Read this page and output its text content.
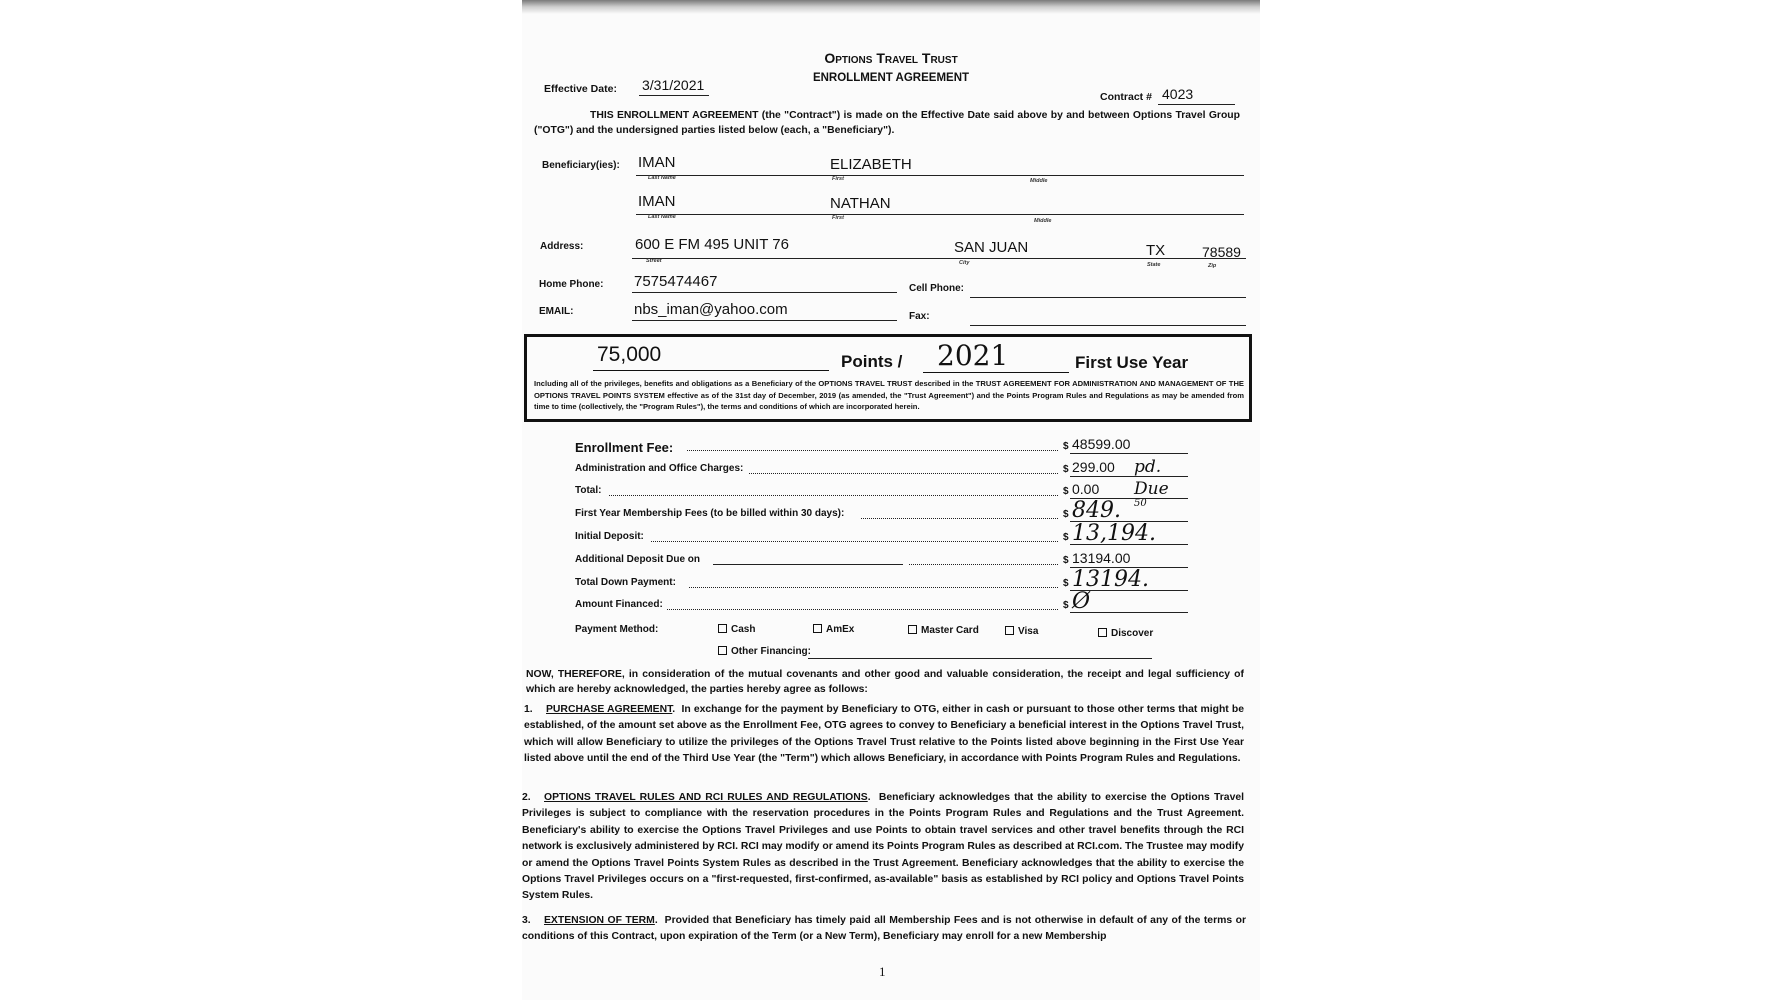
Options Travel Trust
ENROLLMENT AGREEMENT
Effective Date: 3/31/2021
Contract # 4023
THIS ENROLLMENT AGREEMENT (the "Contract") is made on the Effective Date said above by and between Options Travel Group ("OTG") and the undersigned parties listed below (each, a "Beneficiary").
Beneficiary(ies): IMAN	ELIZABETH
Last Name	First	Middle
IMAN	NATHAN
Last Name	First	Middle
Address:	600 E FM 495 UNIT 76	SAN JUAN	TX	78589
Street	City	State	Zip
Home Phone: 7575474467	Cell Phone:
EMAIL:	nbs_iman@yahoo.com	Fax:
75,000	Points / 2021	First Use Year
Including all of the privileges, benefits and obligations as a Beneficiary of the OPTIONS TRAVEL TRUST described in the TRUST AGREEMENT FOR ADMINISTRATION AND MANAGEMENT OF THE OPTIONS TRAVEL POINTS SYSTEM effective as of the 31st day of December, 2019 (as amended, the "Trust Agreement") and the Points Program Rules and Regulations as may be amended from time to time (collectively, the "Program Rules"), the terms and conditions of which are incorporated herein.
Enrollment Fee:	$ 48599.00
Administration and Office Charges:	$ 299.00 pd.
Total:	$ 0.00 Due
First Year Membership Fees (to be billed within 30 days):	$ 849. 50
Initial Deposit:	$ 13,194.
Additional Deposit Due on	$ 13194.00
Total Down Payment:	$ 13194.
Amount Financed:	$ Ø
Payment Method:	Cash	AmEx	Master Card	Visa	Discover
Other Financing:
NOW, THEREFORE, in consideration of the mutual covenants and other good and valuable consideration, the receipt and legal sufficiency of which are hereby acknowledged, the parties hereby agree as follows:
1. PURCHASE AGREEMENT.  In exchange for the payment by Beneficiary to OTG, either in cash or pursuant to those other terms that might be established, of the amount set above as the Enrollment Fee, OTG agrees to convey to Beneficiary a beneficial interest in the Options Travel Trust, which will allow Beneficiary to utilize the privileges of the Options Travel Trust relative to the Points listed above beginning in the First Use Year listed above until the end of the Third Use Year (the "Term") which allows Beneficiary, in accordance with Points Program Rules and Regulations.
2. OPTIONS TRAVEL RULES AND RCI RULES AND REGULATIONS.  Beneficiary acknowledges that the ability to exercise the Options Travel Privileges is subject to compliance with the reservation procedures in the Points Program Rules and Regulations and the Trust Agreement. Beneficiary's ability to exercise the Options Travel Privileges and use Points to obtain travel services and other travel benefits through the RCI network is exclusively administered by RCI. RCI may modify or amend its Points Program Rules as described at RCI.com. The Trustee may modify or amend the Options Travel Points System Rules as described in the Trust Agreement. Beneficiary acknowledges that the ability to exercise the Options Travel Privileges occurs on a "first-requested, first-confirmed, as-available" basis as established by RCI policy and Options Travel Points System Rules.
3. EXTENSION OF TERM.  Provided that Beneficiary has timely paid all Membership Fees and is not otherwise in default of any of the terms or conditions of this Contract, upon expiration of the Term (or a New Term), Beneficiary may enroll for a new Membership
1
